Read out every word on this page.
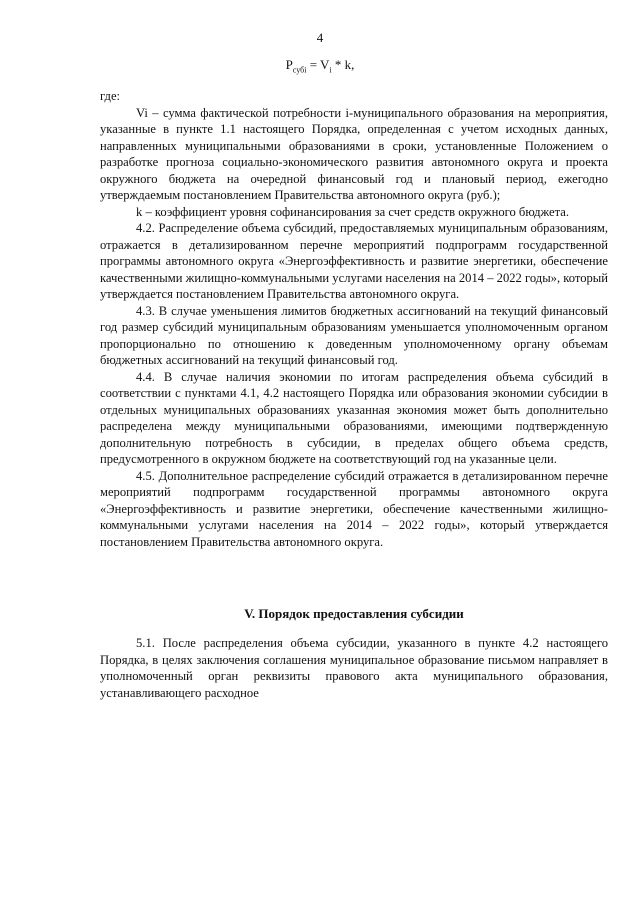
4
$P_{субi} = V_i * k$,

где:

Vi – сумма фактической потребности i-муниципального образования на мероприятия, указанные в пункте 1.1 настоящего Порядка, определенная с учетом исходных данных, направленных муниципальными образованиями в сроки, установленные Положением о разработке прогноза социально-экономического развития автономного округа и проекта окружного бюджета на очередной финансовый год и плановый период, ежегодно утверждаемым постановлением Правительства автономного округа (руб.);

k – коэффициент уровня софинансирования за счет средств окружного бюджета.

4.2. Распределение объема субсидий, предоставляемых муниципальным образованиям, отражается в детализированном перечне мероприятий подпрограмм государственной программы автономного округа «Энергоэффективность и развитие энергетики, обеспечение качественными жилищно-коммунальными услугами населения на 2014 – 2022 годы», который утверждается постановлением Правительства автономного округа.

4.3. В случае уменьшения лимитов бюджетных ассигнований на текущий финансовый год размер субсидий муниципальным образованиям уменьшается уполномоченным органом пропорционально по отношению к доведенным уполномоченному органу объемам бюджетных ассигнований на текущий финансовый год.

4.4. В случае наличия экономии по итогам распределения объема субсидий в соответствии с пунктами 4.1, 4.2 настоящего Порядка или образования экономии субсидии в отдельных муниципальных образованиях указанная экономия может быть дополнительно распределена между муниципальными образованиями, имеющими подтвержденную дополнительную потребность в субсидии, в пределах общего объема средств, предусмотренного в окружном бюджете на соответствующий год на указанные цели.

4.5. Дополнительное распределение субсидий отражается в детализированном перечне мероприятий подпрограмм государственной программы автономного округа «Энергоэффективность и развитие энергетики, обеспечение качественными жилищно-коммунальными услугами населения на 2014 – 2022 годы», который утверждается постановлением Правительства автономного округа.

V. Порядок предоставления субсидии

5.1. После распределения объема субсидии, указанного в пункте 4.2 настоящего Порядка, в целях заключения соглашения муниципальное образование письмом направляет в уполномоченный орган реквизиты правового акта муниципального образования, устанавливающего расходное
